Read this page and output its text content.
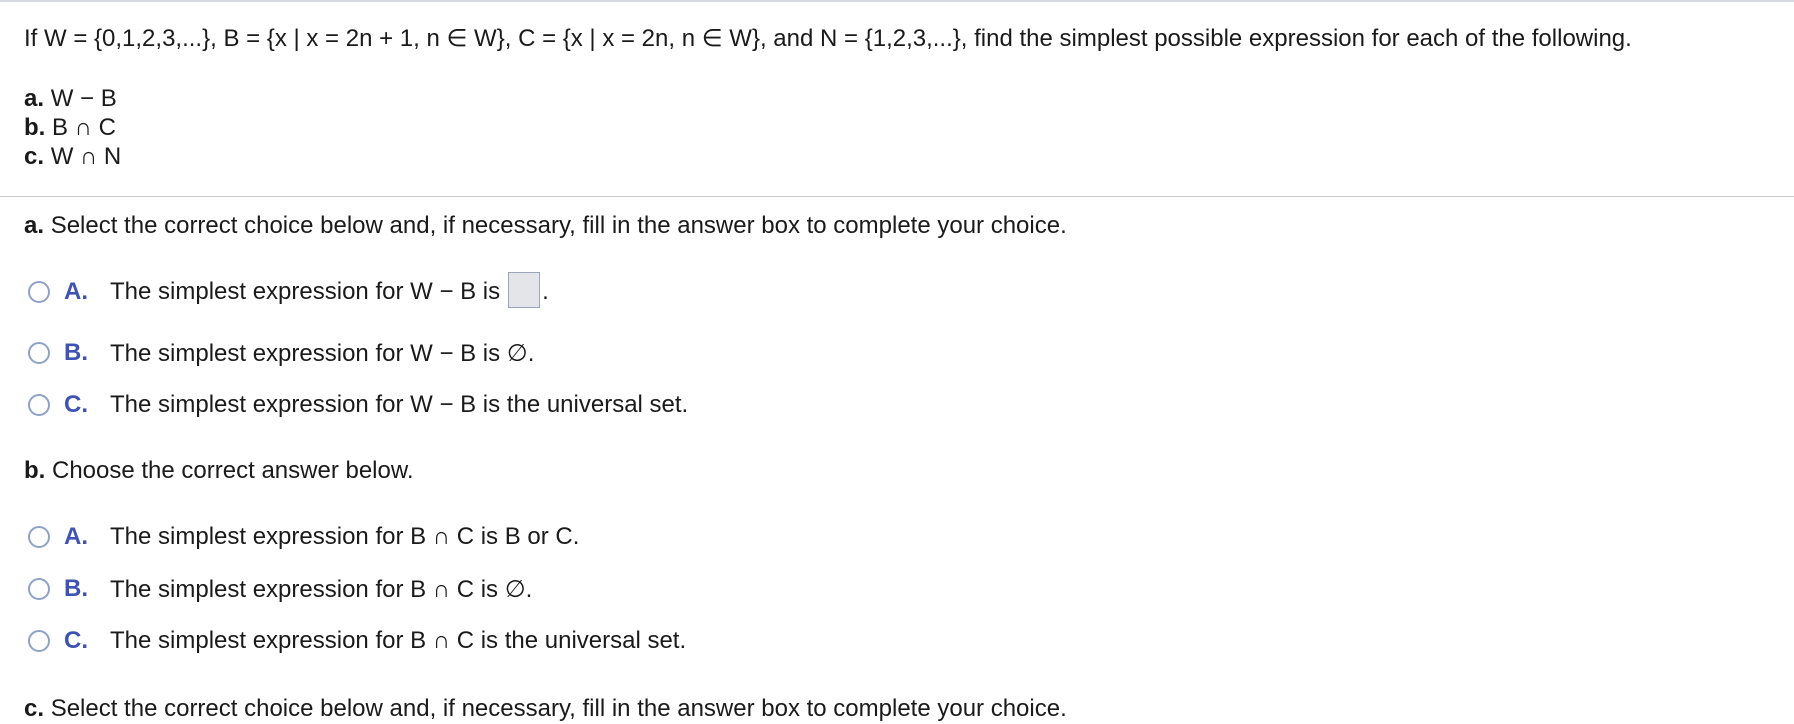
If W = {0,1,2,3,...}, B = {x | x = 2n + 1, n ∈ W}, C = {x | x = 2n, n ∈ W}, and N = {1,2,3,...}, find the simplest possible expression for each of the following.
a. W − B
b. B ∩ C
c. W ∩ N
a. Select the correct choice below and, if necessary, fill in the answer box to complete your choice.
A. The simplest expression for W − B is .
B. The simplest expression for W − B is ∅.
C. The simplest expression for W − B is the universal set.
b. Choose the correct answer below.
A. The simplest expression for B ∩ C is B or C.
B. The simplest expression for B ∩ C is ∅.
C. The simplest expression for B ∩ C is the universal set.
c. Select the correct choice below and, if necessary, fill in the answer box to complete your choice.
